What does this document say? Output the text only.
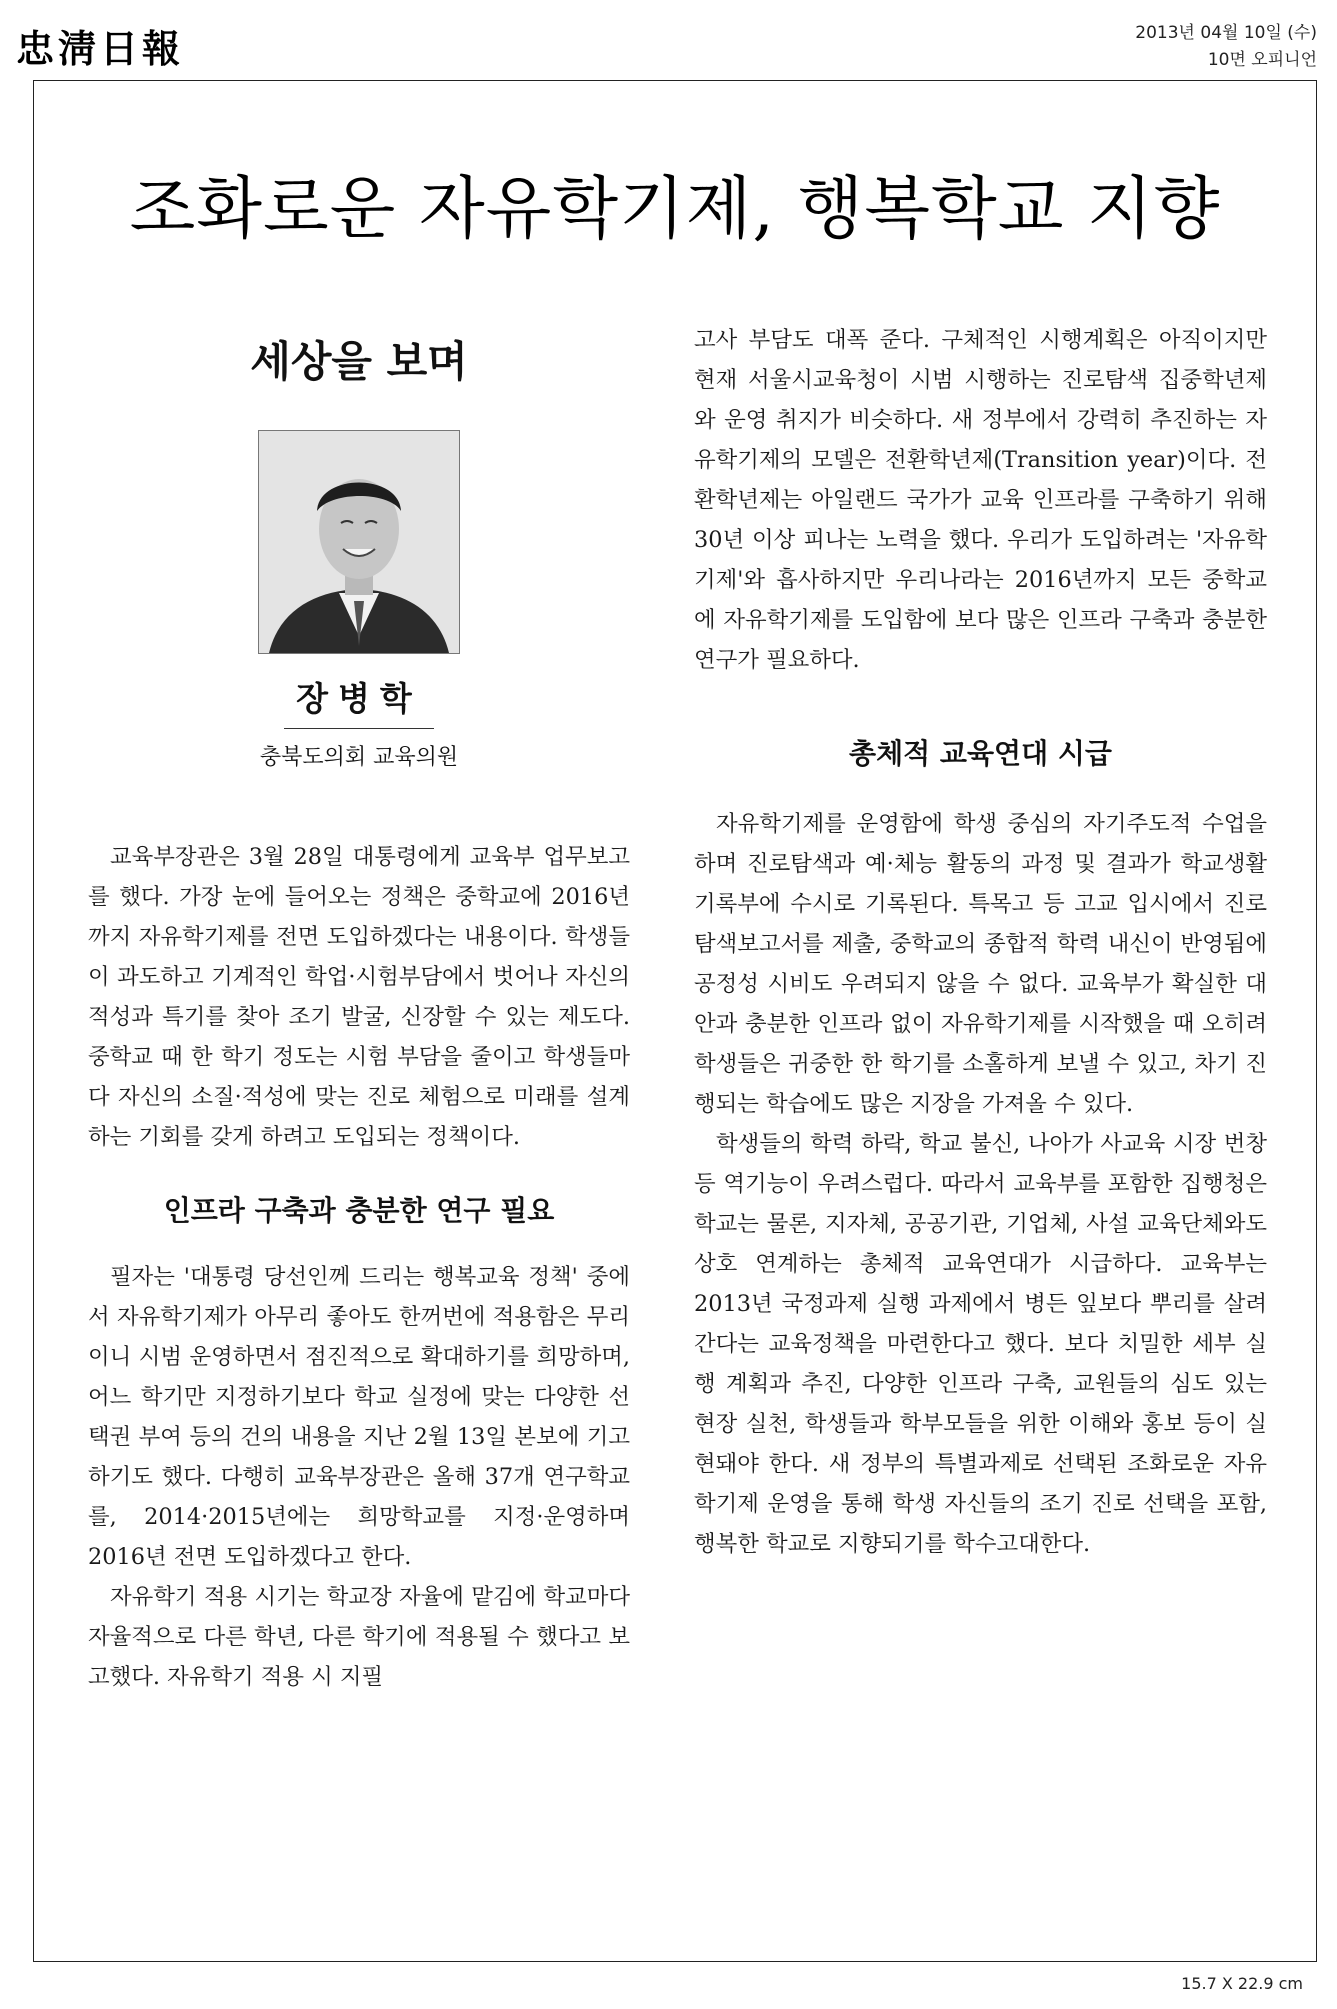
忠淸日報	2013년 04월 10일 (수)
10면 오피니언
조화로운 자유학기제, 행복학교 지향
세상을 보며
장병학
충북도의회 교육의원

교육부장관은 3월 28일 대통령에게 교육부 업무보고를 했다. 가장 눈에 들어오는 정책은 중학교에 2016년까지 자유학기제를 전면 도입하겠다는 내용이다. 학생들이 과도하고 기계적인 학업·시험부담에서 벗어나 자신의 적성과 특기를 찾아 조기 발굴, 신장할 수 있는 제도다. 중학교 때 한 학기 정도는 시험 부담을 줄이고 학생들마다 자신의 소질·적성에 맞는 진로 체험으로 미래를 설계하는 기회를 갖게 하려고 도입되는 정책이다.

인프라 구축과 충분한 연구 필요

필자는 '대통령 당선인께 드리는 행복교육 정책' 중에서 자유학기제가 아무리 좋아도 한꺼번에 적용함은 무리이니 시범 운영하면서 점진적으로 확대하기를 희망하며, 어느 학기만 지정하기보다 학교 실정에 맞는 다양한 선택권 부여 등의 건의 내용을 지난 2월 13일 본보에 기고하기도 했다. 다행히 교육부장관은 올해 37개 연구학교를, 2014·2015년에는 희망학교를 지정·운영하며 2016년 전면 도입하겠다고 한다.

자유학기 적용 시기는 학교장 자율에 맡김에 학교마다 자율적으로 다른 학년, 다른 학기에 적용될 수 했다고 보고했다. 자유학기 적용 시 지필

고사 부담도 대폭 준다. 구체적인 시행계획은 아직이지만 현재 서울시교육청이 시범 시행하는 진로탐색 집중학년제와 운영 취지가 비슷하다. 새 정부에서 강력히 추진하는 자유학기제의 모델은 전환학년제(Transition year)이다. 전환학년제는 아일랜드 국가가 교육 인프라를 구축하기 위해 30년 이상 피나는 노력을 했다. 우리가 도입하려는 '자유학기제'와 흡사하지만 우리나라는 2016년까지 모든 중학교에 자유학기제를 도입함에 보다 많은 인프라 구축과 충분한 연구가 필요하다.

총체적 교육연대 시급

자유학기제를 운영함에 학생 중심의 자기주도적 수업을 하며 진로탐색과 예·체능 활동의 과정 및 결과가 학교생활기록부에 수시로 기록된다. 특목고 등 고교 입시에서 진로탐색보고서를 제출, 중학교의 종합적 학력 내신이 반영됨에 공정성 시비도 우려되지 않을 수 없다. 교육부가 확실한 대안과 충분한 인프라 없이 자유학기제를 시작했을 때 오히려 학생들은 귀중한 한 학기를 소홀하게 보낼 수 있고, 차기 진행되는 학습에도 많은 지장을 가져올 수 있다.

학생들의 학력 하락, 학교 불신, 나아가 사교육 시장 번창 등 역기능이 우려스럽다. 따라서 교육부를 포함한 집행청은 학교는 물론, 지자체, 공공기관, 기업체, 사설 교육단체와도 상호 연계하는 총체적 교육연대가 시급하다. 교육부는 2013년 국정과제 실행 과제에서 병든 잎보다 뿌리를 살려간다는 교육정책을 마련한다고 했다. 보다 치밀한 세부 실행 계획과 추진, 다양한 인프라 구축, 교원들의 심도 있는 현장 실천, 학생들과 학부모들을 위한 이해와 홍보 등이 실현돼야 한다. 새 정부의 특별과제로 선택된 조화로운 자유학기제 운영을 통해 학생 자신들의 조기 진로 선택을 포함, 행복한 학교로 지향되기를 학수고대한다.

15.7 X 22.9 cm
